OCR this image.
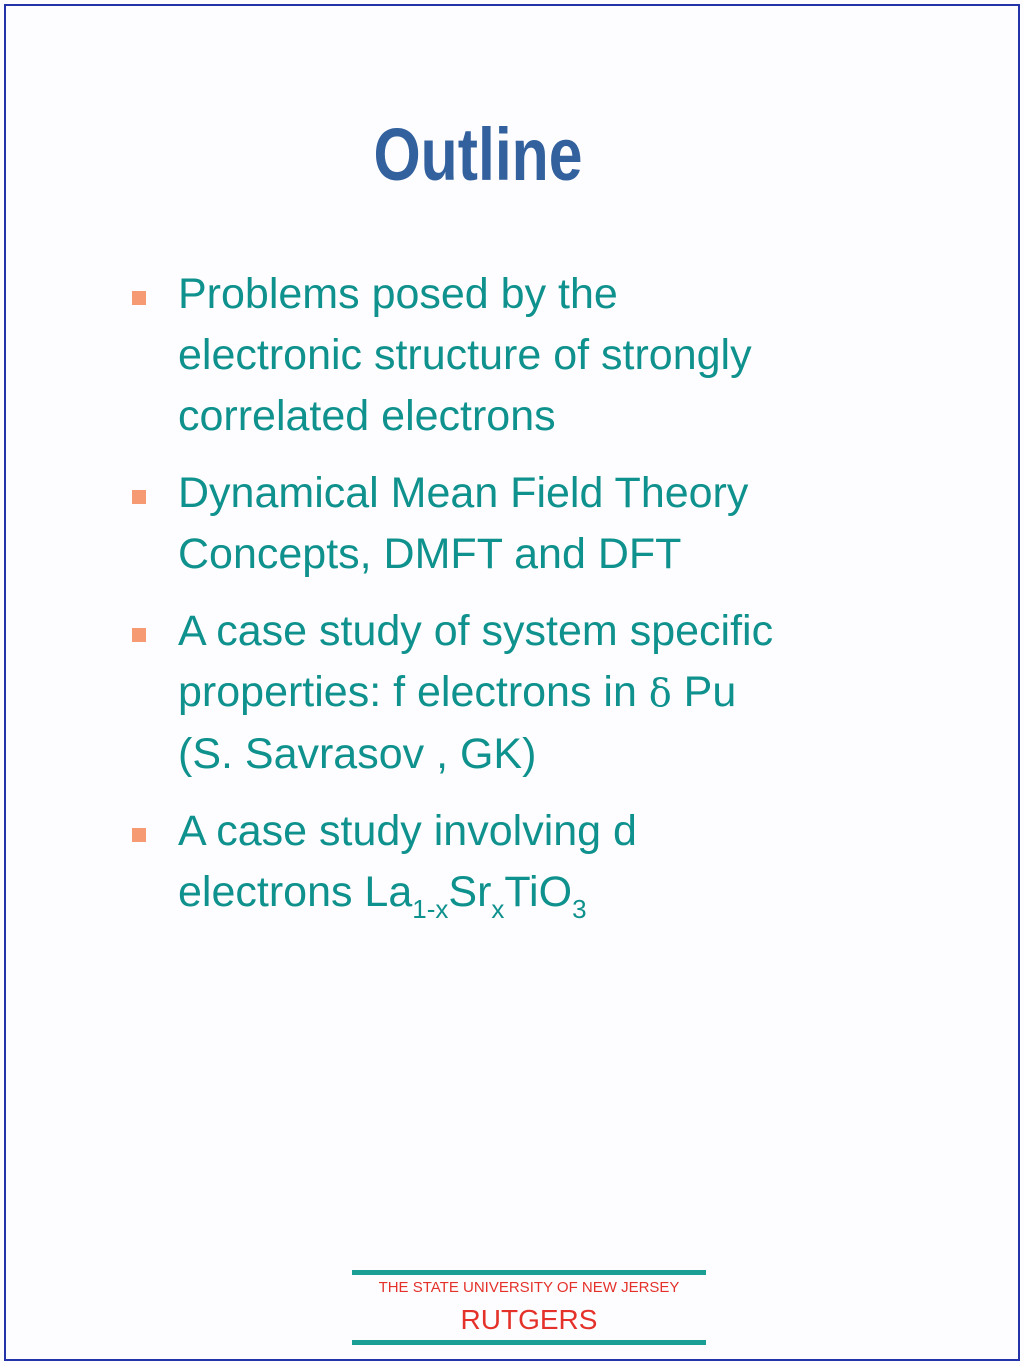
Outline
Problems posed by the
electronic structure of strongly
correlated electrons
Dynamical Mean Field Theory
Concepts, DMFT and DFT
A case study of system specific
properties: f electrons in δ Pu
(S. Savrasov , GK)
A case study involving d
electrons $La_{1-x}Sr_xTiO_3$
THE STATE UNIVERSITY OF NEW JERSEY
RUTGERS
